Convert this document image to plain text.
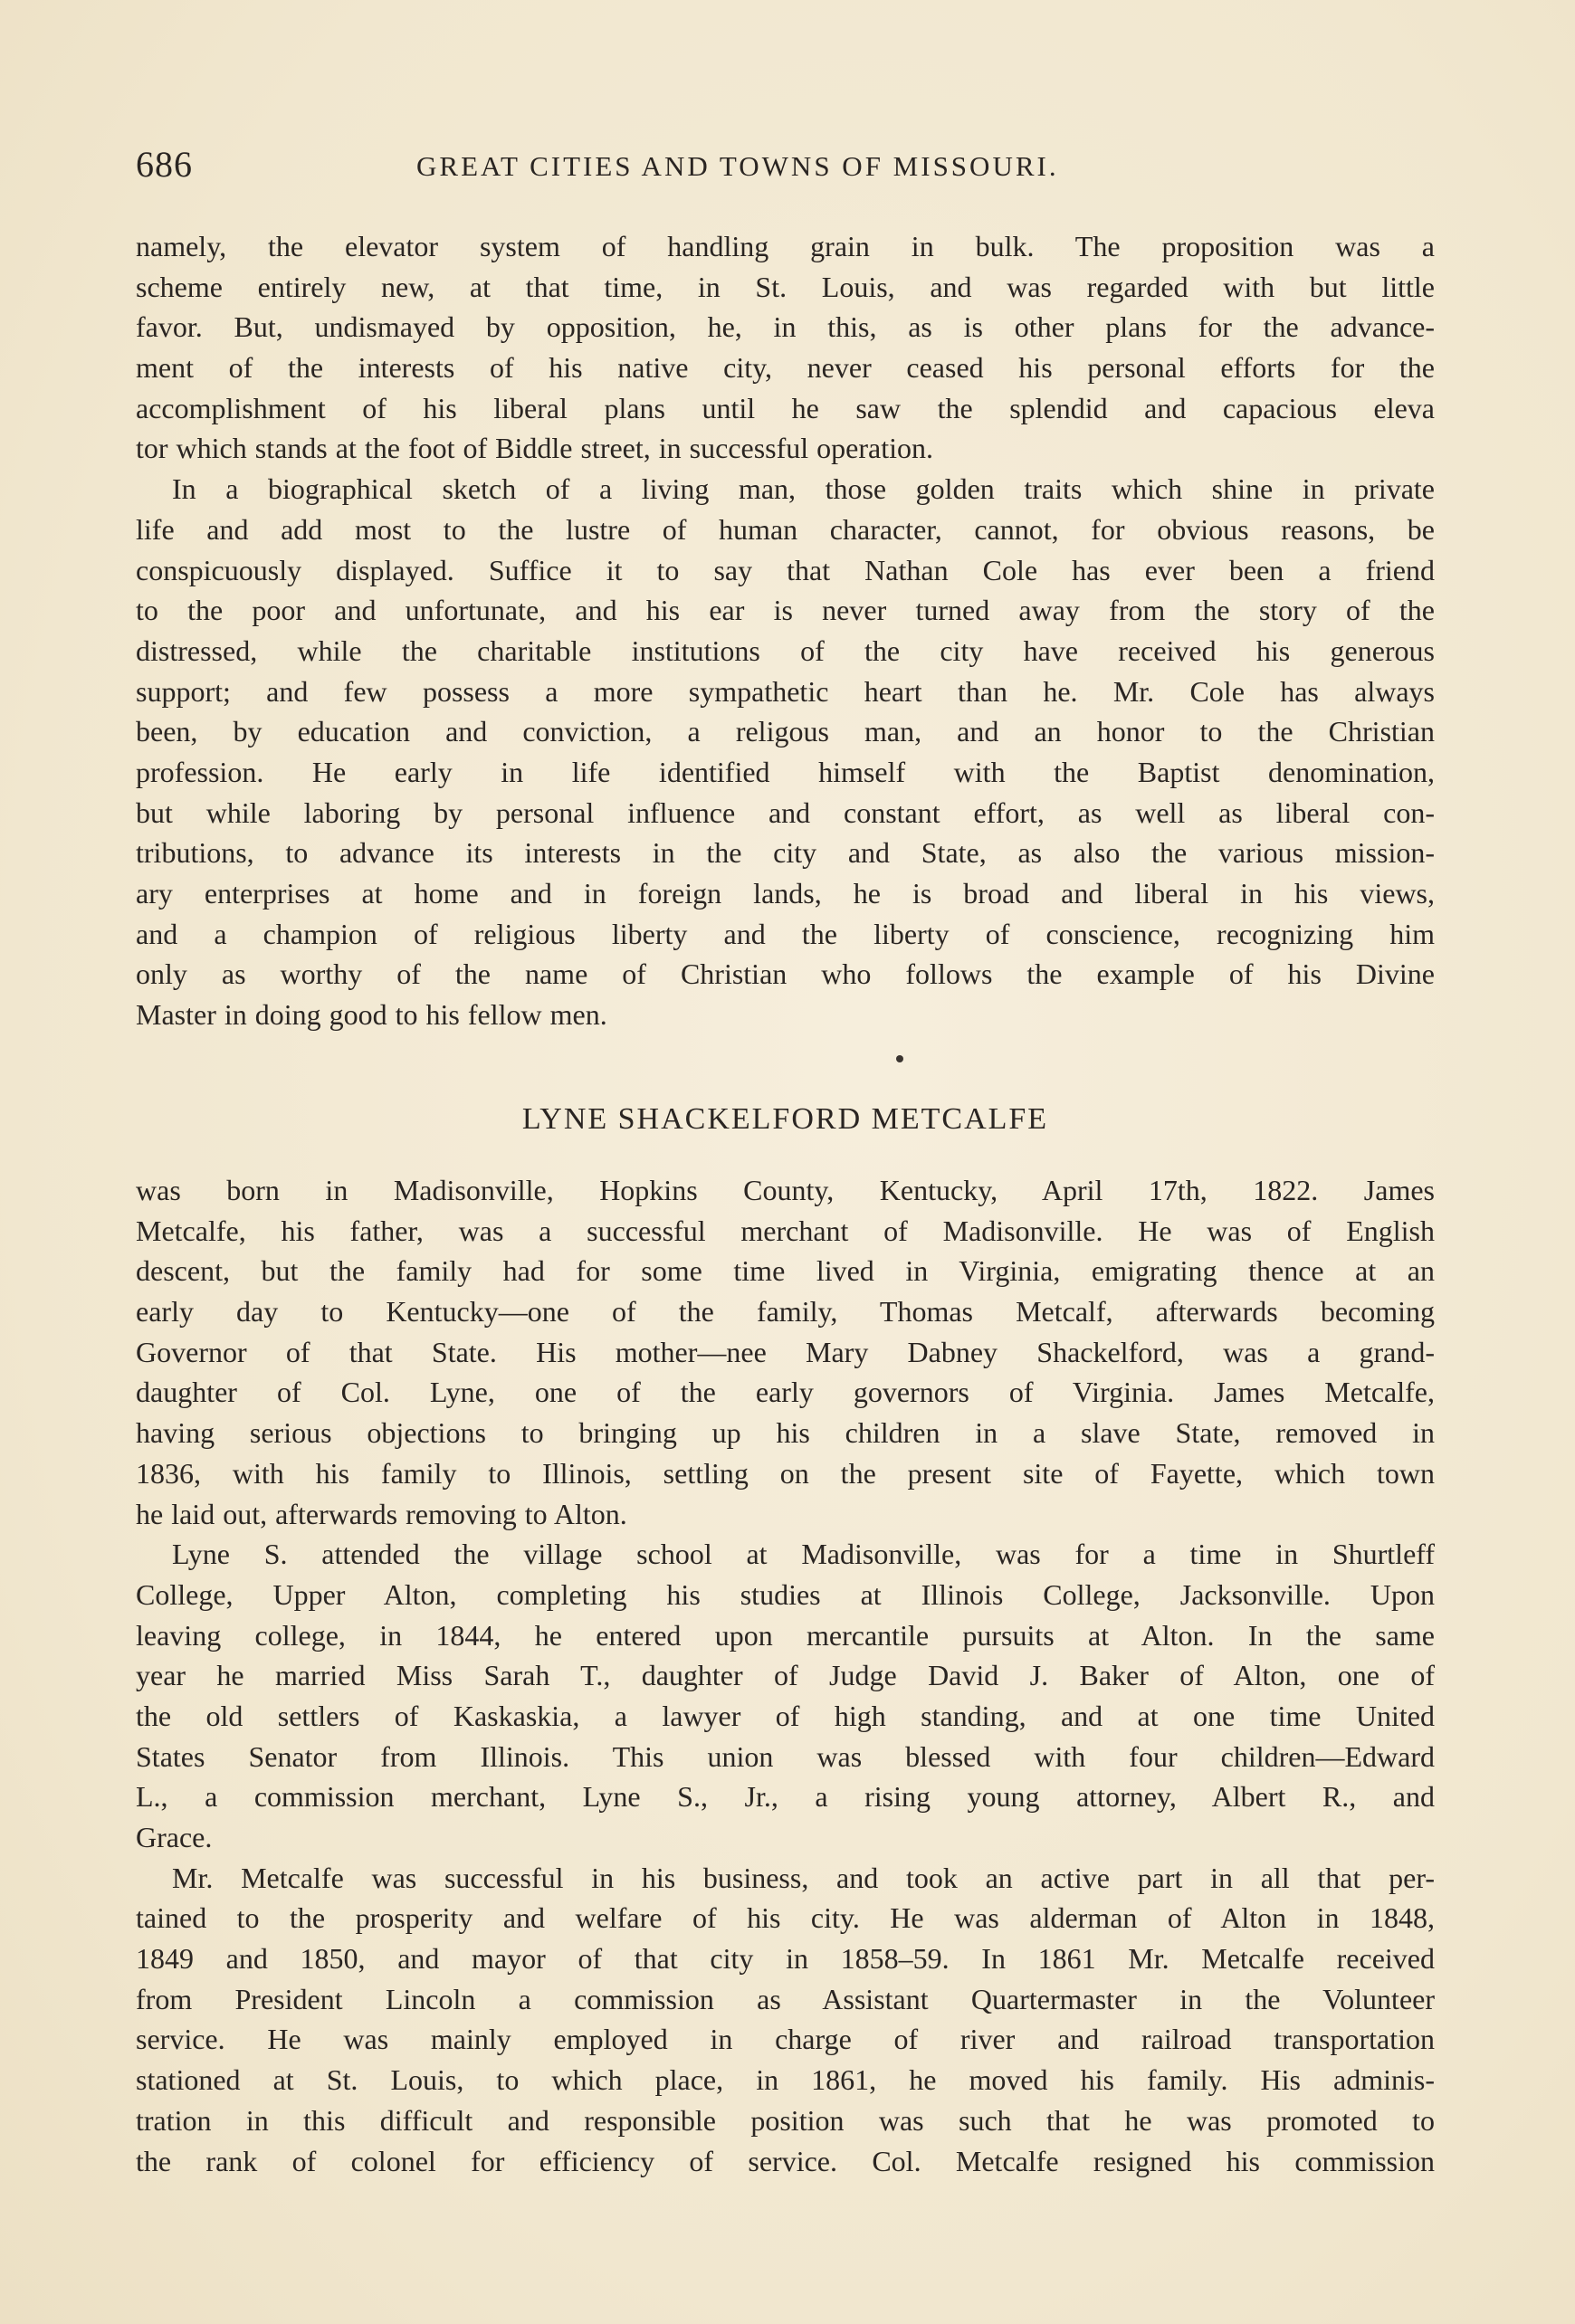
686	GREAT CITIES AND TOWNS OF MISSOURI.
namely, the elevator system of handling grain in bulk. The proposition was a
scheme entirely new, at that time, in St. Louis, and was regarded with but little
favor. But, undismayed by opposition, he, in this, as is other plans for the advance-
ment of the interests of his native city, never ceased his personal efforts for the
accomplishment of his liberal plans until he saw the splendid and capacious eleva
tor which stands at the foot of Biddle street, in successful operation.
In a biographical sketch of a living man, those golden traits which shine in private
life and add most to the lustre of human character, cannot, for obvious reasons, be
conspicuously displayed. Suffice it to say that Nathan Cole has ever been a friend
to the poor and unfortunate, and his ear is never turned away from the story of the
distressed, while the charitable institutions of the city have received his generous
support; and few possess a more sympathetic heart than he. Mr. Cole has always
been, by education and conviction, a religous man, and an honor to the Christian
profession. He early in life identified himself with the Baptist denomination,
but while laboring by personal influence and constant effort, as well as liberal con-
tributions, to advance its interests in the city and State, as also the various mission-
ary enterprises at home and in foreign lands, he is broad and liberal in his views,
and a champion of religious liberty and the liberty of conscience, recognizing him
only as worthy of the name of Christian who follows the example of his Divine
Master in doing good to his fellow men.
LYNE SHACKELFORD METCALFE
was born in Madisonville, Hopkins County, Kentucky, April 17th, 1822. James
Metcalfe, his father, was a successful merchant of Madisonville. He was of English
descent, but the family had for some time lived in Virginia, emigrating thence at an
early day to Kentucky—one of the family, Thomas Metcalf, afterwards becoming
Governor of that State. His mother—nee Mary Dabney Shackelford, was a grand-
daughter of Col. Lyne, one of the early governors of Virginia. James Metcalfe,
having serious objections to bringing up his children in a slave State, removed in
1836, with his family to Illinois, settling on the present site of Fayette, which town
he laid out, afterwards removing to Alton.
Lyne S. attended the village school at Madisonville, was for a time in Shurtleff
College, Upper Alton, completing his studies at Illinois College, Jacksonville. Upon
leaving college, in 1844, he entered upon mercantile pursuits at Alton. In the same
year he married Miss Sarah T., daughter of Judge David J. Baker of Alton, one of
the old settlers of Kaskaskia, a lawyer of high standing, and at one time United
States Senator from Illinois. This union was blessed with four children—Edward
L., a commission merchant, Lyne S., Jr., a rising young attorney, Albert R., and
Grace.
Mr. Metcalfe was successful in his business, and took an active part in all that per-
tained to the prosperity and welfare of his city. He was alderman of Alton in 1848,
1849 and 1850, and mayor of that city in 1858–59. In 1861 Mr. Metcalfe received
from President Lincoln a commission as Assistant Quartermaster in the Volunteer
service. He was mainly employed in charge of river and railroad transportation
stationed at St. Louis, to which place, in 1861, he moved his family. His adminis-
tration in this difficult and responsible position was such that he was promoted to
the rank of colonel for efficiency of service. Col. Metcalfe resigned his commission
